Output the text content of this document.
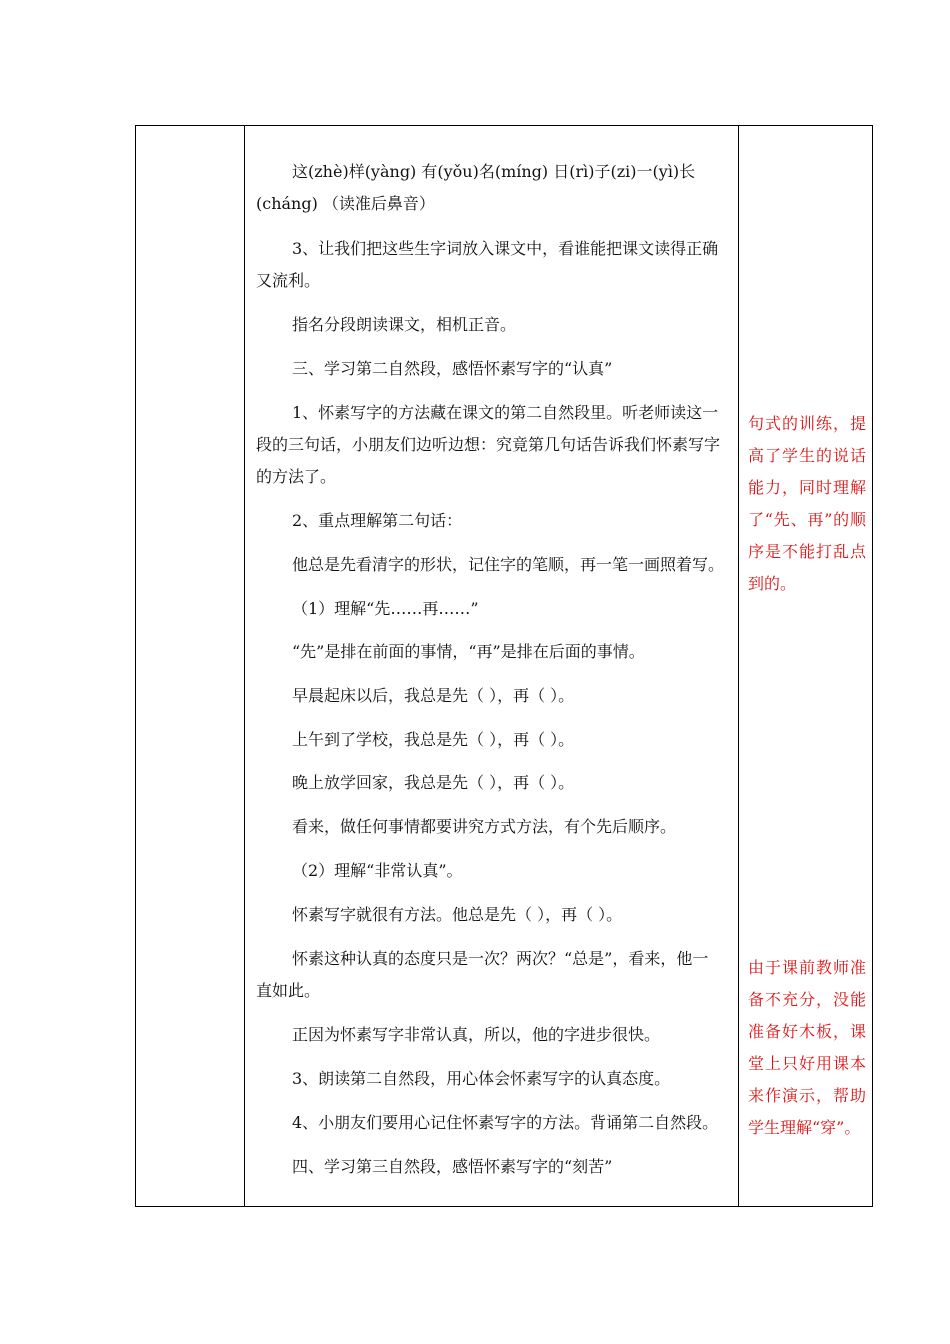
这(zhè)样(yàng) 有(yǒu)名(míng) 日(rì)子(zi)一(yì)长
(cháng) （读准后鼻音）
3、让我们把这些生字词放入课文中，看谁能把课文读得正确
又流利。
指名分段朗读课文，相机正音。
三、学习第二自然段，感悟怀素写字的“认真”
1、怀素写字的方法藏在课文的第二自然段里。听老师读这一
段的三句话，小朋友们边听边想：究竟第几句话告诉我们怀素写字
的方法了。
2、重点理解第二句话：
他总是先看清字的形状，记住字的笔顺，再一笔一画照着写。
（1）理解“先……再……”
“先”是排在前面的事情，“再”是排在后面的事情。
早晨起床以后，我总是先（ ），再（ ）。
上午到了学校，我总是先（ ），再（ ）。
晚上放学回家，我总是先（ ），再（ ）。
看来，做任何事情都要讲究方式方法，有个先后顺序。
（2）理解“非常认真”。
怀素写字就很有方法。他总是先（ ），再（ ）。
怀素这种认真的态度只是一次？两次？“总是”，看来，他一
直如此。
正因为怀素写字非常认真，所以，他的字进步很快。
3、朗读第二自然段，用心体会怀素写字的认真态度。
4、小朋友们要用心记住怀素写字的方法。背诵第二自然段。
四、学习第三自然段，感悟怀素写字的“刻苦”
句式的训练，提高了学生的说话能力，同时理解了“先、再”的顺序是不能打乱点到的。
由于课前教师准备不充分，没能准备好木板，课堂上只好用课本来作演示，帮助学生理解“穿”。
